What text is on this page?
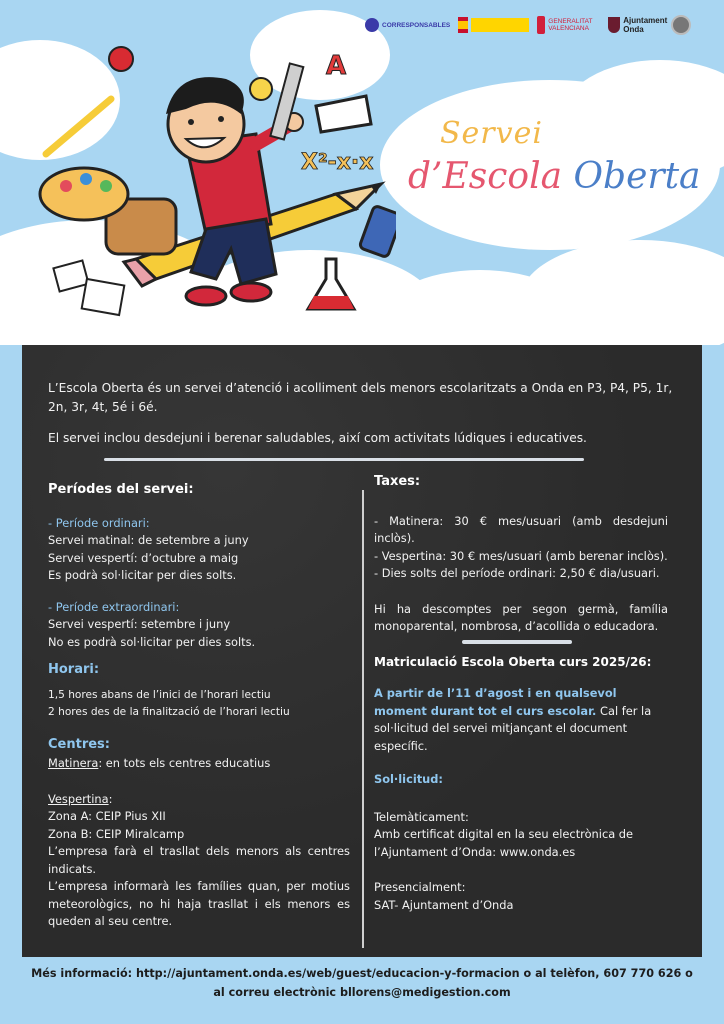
CORRESPONSABLES	GENERALITAT VALENCIANA
Ajuntament Onda
A
X²-x·x
Servei
d’Escola Oberta

L’Escola Oberta és un servei d’atenció i acolliment dels menors escolaritzats a Onda en P3, P4, P5, 1r, 2n, 3r, 4t, 5é i 6é.

El servei inclou desdejuni i berenar saludables, així com activitats lúdiques i educatives.

Períodes del servei:

- Període ordinari:

Servei matinal: de setembre a juny

Servei vespertí: d’octubre a maig

Es podrà sol·licitar per dies solts.

- Període extraordinari:

Servei vespertí: setembre i juny

No es podrà sol·licitar per dies solts.

Horari:

1,5 hores abans de l’inici de l’horari lectiu

2 hores des de la finalització de l’horari lectiu

Centres:

Matinera: en tots els centres educatius

Vespertina:

Zona A: CEIP Pius XII

Zona B: CEIP Miralcamp

L’empresa farà el trasllat dels menors als centres indicats.

L’empresa informarà les famílies quan, per motius meteorològics, no hi haja trasllat i els menors es queden al seu centre.

Taxes:

- Matinera: 30 € mes/usuari (amb desdejuni inclòs).

- Vespertina: 30 € mes/usuari (amb berenar inclòs).

- Dies solts del període ordinari: 2,50 € dia/usuari.

Hi ha descomptes per segon germà, família monoparental, nombrosa, d’acollida o educadora.

Matriculació Escola Oberta curs 2025/26:

A partir de l’11 d’agost i en qualsevol moment durant tot el curs escolar. Cal fer la sol·licitud del servei mitjançant el document específic.

Sol·licitud:

Telemàticament:

Amb certificat digital en la seu electrònica de l’Ajuntament d’Onda: www.onda.es

Presencialment:

SAT- Ajuntament d’Onda

Més informació: http://ajuntament.onda.es/web/guest/educacion-y-formacion o al telèfon, 607 770 626 o
al correu electrònic bllorens@medigestion.com
